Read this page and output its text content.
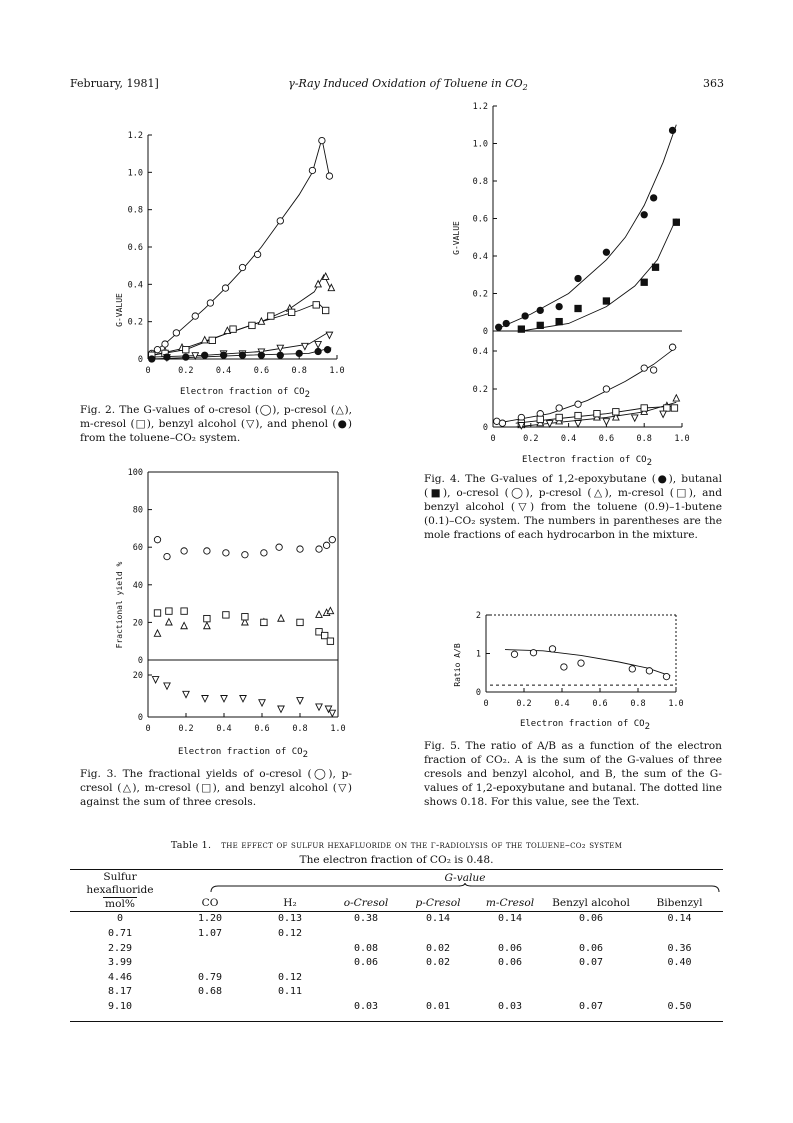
February, 1981]	γ-Ray Induced Oxidation of Toluene in $CO_2$	363
0
0.2
0.4
0.6
0.8
1.0
1.2
0	0.2	0.4	0.6	0.8	1.0
G-VALUE
Electron fraction of CO2
Fig. 2. The G-values of o-cresol (◯), p-cresol (△), m-cresol (□), benzyl alcohol (▽), and phenol (●) from the toluene–CO₂ system.
0
20
40
60
80
100
0
20
0	0.2	0.4	0.6	0.8	1.0
Fractional yield %
Electron fraction of CO2
Fig. 3. The fractional yields of o-cresol (◯), p-cresol (△), m-cresol (□), and benzyl alcohol (▽) against the sum of three cresols.
0
0.2
0.4
0.6
0.8
1.0
1.2
0
0.2
0.4
0	0.2	0.4	0.6	0.8	1.0
G-VALUE
Electron fraction of CO2
Fig. 4. The G-values of 1,2-epoxybutane (●), butanal (■), o-cresol (◯), p-cresol (△), m-cresol (□), and benzyl alcohol (▽) from the toluene (0.9)–1-butene (0.1)–CO₂ system. The numbers in parentheses are the mole fractions of each hydrocarbon in the mixture.
0
1
2
0	0.2	0.4	0.6	0.8	1.0
Ratio A/B
Electron fraction of CO2
Fig. 5. The ratio of A/B as a function of the electron fraction of CO₂. A is the sum of the G-values of three cresols and benzyl alcohol, and B, the sum of the G-values of 1,2-epoxybutane and butanal. The dotted line shows 0.18. For this value, see the Text.
Table 1. the effect of sulfur hexafluoride on the γ-radiolysis of the toluene–co₂ system
The electron fraction of CO₂ is 0.48.
Sulfur
hexafluoride
mol%
G-value
	CO	H₂	o-Cresol	p-Cresol	m-Cresol	Benzyl alcohol	Bibenzyl
0	1.20	0.13	0.38	0.14	0.14	0.06	0.14
0.71	1.07	0.12					
2.29			0.08	0.02	0.06	0.06	0.36
3.99			0.06	0.02	0.06	0.07	0.40
4.46	0.79	0.12					
8.17	0.68	0.11					
9.10			0.03	0.01	0.03	0.07	0.50
